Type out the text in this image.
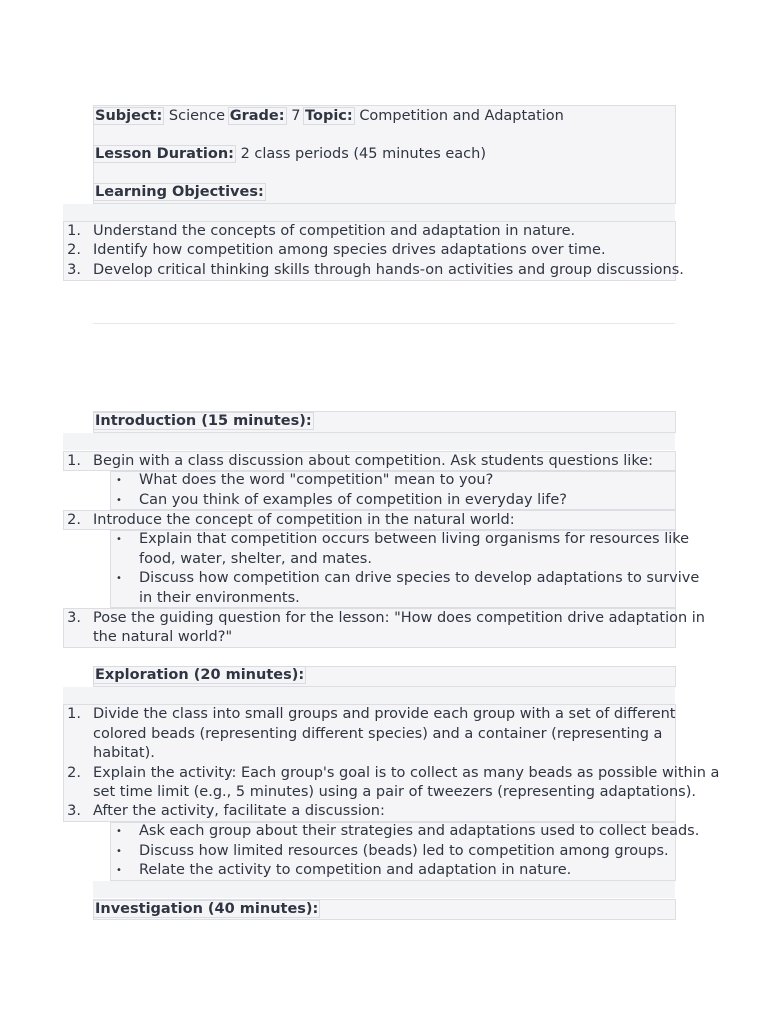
Subject: Science Grade: 7 Topic: Competition and Adaptation
Lesson Duration: 2 class periods (45 minutes each)
Learning Objectives:
1. Understand the concepts of competition and adaptation in nature.
2. Identify how competition among species drives adaptations over time.
3. Develop critical thinking skills through hands-on activities and group discussions.
Introduction (15 minutes):
1. Begin with a class discussion about competition. Ask students questions like:
• What does the word "competition" mean to you?
• Can you think of examples of competition in everyday life?
2. Introduce the concept of competition in the natural world:
• Explain that competition occurs between living organisms for resources like
food, water, shelter, and mates.
• Discuss how competition can drive species to develop adaptations to survive
in their environments.
3. Pose the guiding question for the lesson: "How does competition drive adaptation in
the natural world?"
Exploration (20 minutes):
1. Divide the class into small groups and provide each group with a set of different
colored beads (representing different species) and a container (representing a
habitat).
2. Explain the activity: Each group's goal is to collect as many beads as possible within a
set time limit (e.g., 5 minutes) using a pair of tweezers (representing adaptations).
3. After the activity, facilitate a discussion:
• Ask each group about their strategies and adaptations used to collect beads.
• Discuss how limited resources (beads) led to competition among groups.
• Relate the activity to competition and adaptation in nature.
Investigation (40 minutes):
